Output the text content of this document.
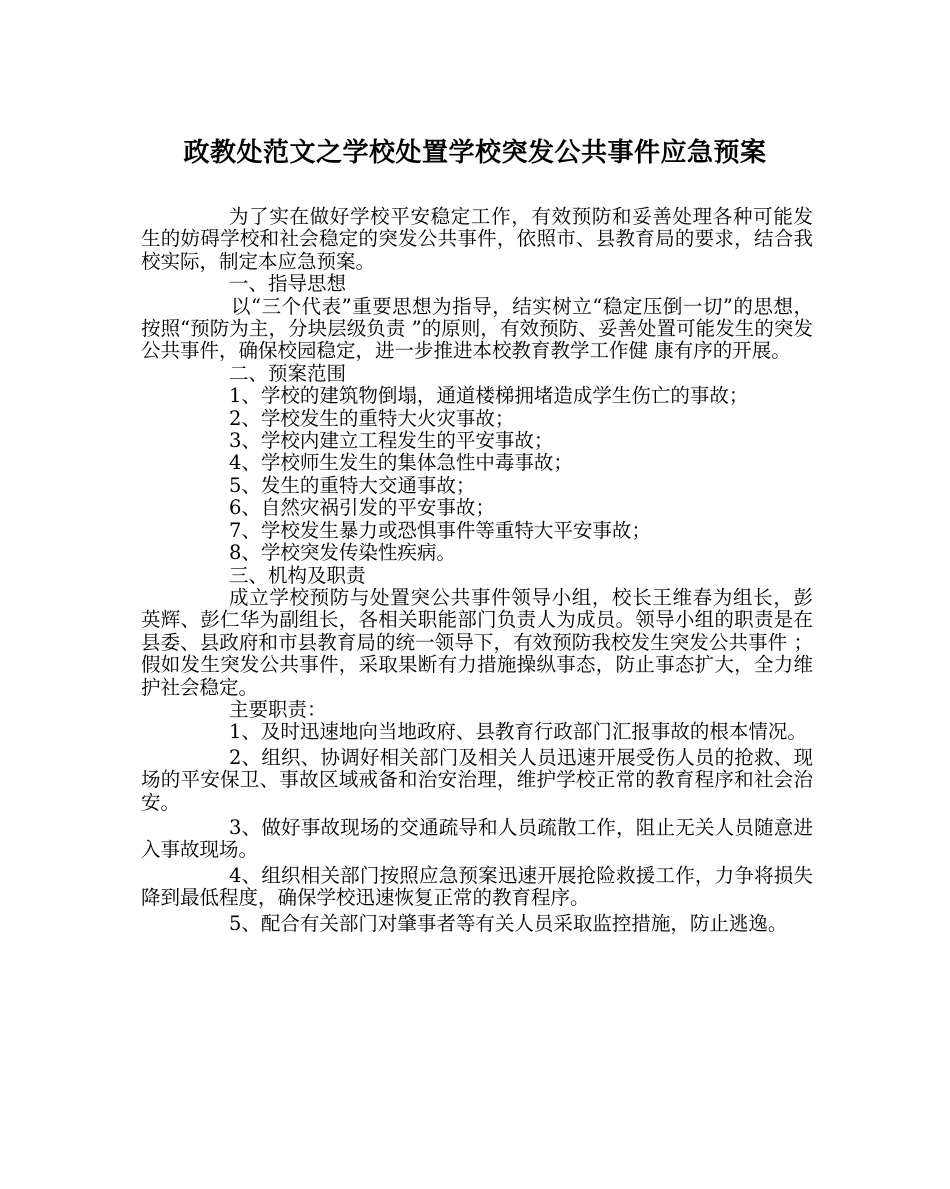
政教处范文之学校处置学校突发公共事件应急预案

为了实在做好学校平安稳定工作，有效预防和妥善处理各种可能发生的妨碍学校和社会稳定的突发公共事件，依照市、县教育局的要求，结合我校实际，制定本应急预案。

一、指导思想

以“三个代表”重要思想为指导，结实树立“稳定压倒一切”的思想，按照“预防为主，分块层级负责 ”的原则，有效预防、妥善处置可能发生的突发公共事件，确保校园稳定，进一步推进本校教育教学工作健 康有序的开展。

二、预案范围

1、学校的建筑物倒塌，通道楼梯拥堵造成学生伤亡的事故；

2、学校发生的重特大火灾事故；

3、学校内建立工程发生的平安事故；

4、学校师生发生的集体急性中毒事故；

5、发生的重特大交通事故；

6、自然灾祸引发的平安事故；

7、学校发生暴力或恐惧事件等重特大平安事故；

8、学校突发传染性疾病。

三、机构及职责

成立学校预防与处置突公共事件领导小组，校长王维春为组长，彭英辉、彭仁华为副组长，各相关职能部门负责人为成员。领导小组的职责是在县委、县政府和市县教育局的统一领导下，有效预防我校发生突发公共事件 ；假如发生突发公共事件，采取果断有力措施操纵事态，防止事态扩大，全力维护社会稳定。

主要职责：

1、及时迅速地向当地政府、县教育行政部门汇报事故的根本情况。

2、组织、协调好相关部门及相关人员迅速开展受伤人员的抢救、现场的平安保卫、事故区域戒备和治安治理，维护学校正常的教育程序和社会治安。

3、做好事故现场的交通疏导和人员疏散工作，阻止无关人员随意进入事故现场。

4、组织相关部门按照应急预案迅速开展抢险救援工作，力争将损失降到最低程度，确保学校迅速恢复正常的教育程序。

5、配合有关部门对肇事者等有关人员采取监控措施，防止逃逸。
